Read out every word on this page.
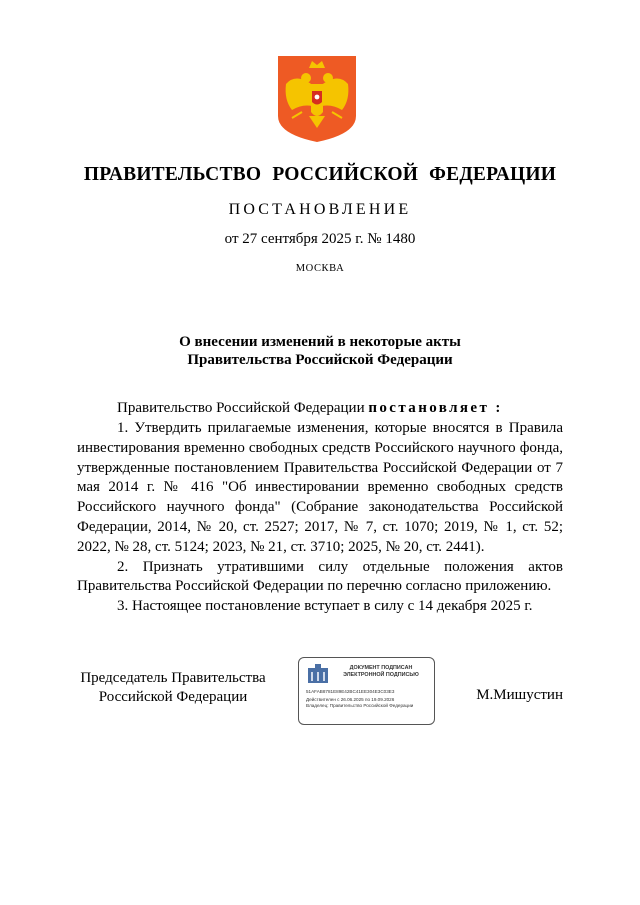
ПРАВИТЕЛЬСТВО РОССИЙСКОЙ ФЕДЕРАЦИИ
ПОСТАНОВЛЕНИЕ
от 27 сентября 2025 г. № 1480
МОСКВА
О внесении изменений в некоторые акты
Правительства Российской Федерации

Правительство Российской Федерации постановляет :

1. Утвердить прилагаемые изменения, которые вносятся в Правила инвестирования временно свободных средств Российского научного фонда, утвержденные постановлением Правительства Российской Федерации от 7 мая 2014 г. № 416 "Об инвестировании временно свободных средств Российского научного фонда" (Собрание законодательства Российской Федерации, 2014, № 20, ст. 2527; 2017, № 7, ст. 1070; 2019, № 1, ст. 52; 2022, № 28, ст. 5124; 2023, № 21, ст. 3710; 2025, № 20, ст. 2441).

2. Признать утратившими силу отдельные положения актов Правительства Российской Федерации по перечню согласно приложению.

3. Настоящее постановление вступает в силу с 14 декабря 2025 г.

Председатель Правительства
Российской Федерации
ДОКУМЕНТ ПОДПИСАН
ЭЛЕКТРОННОЙ ПОДПИСЬЮ
51AFAB8781E89E42BC41EE304E3C03E3
Действителен с 26.06.2025 по 19.09.2026
Владелец: Правительство Российской Федерации
М.Мишустин
